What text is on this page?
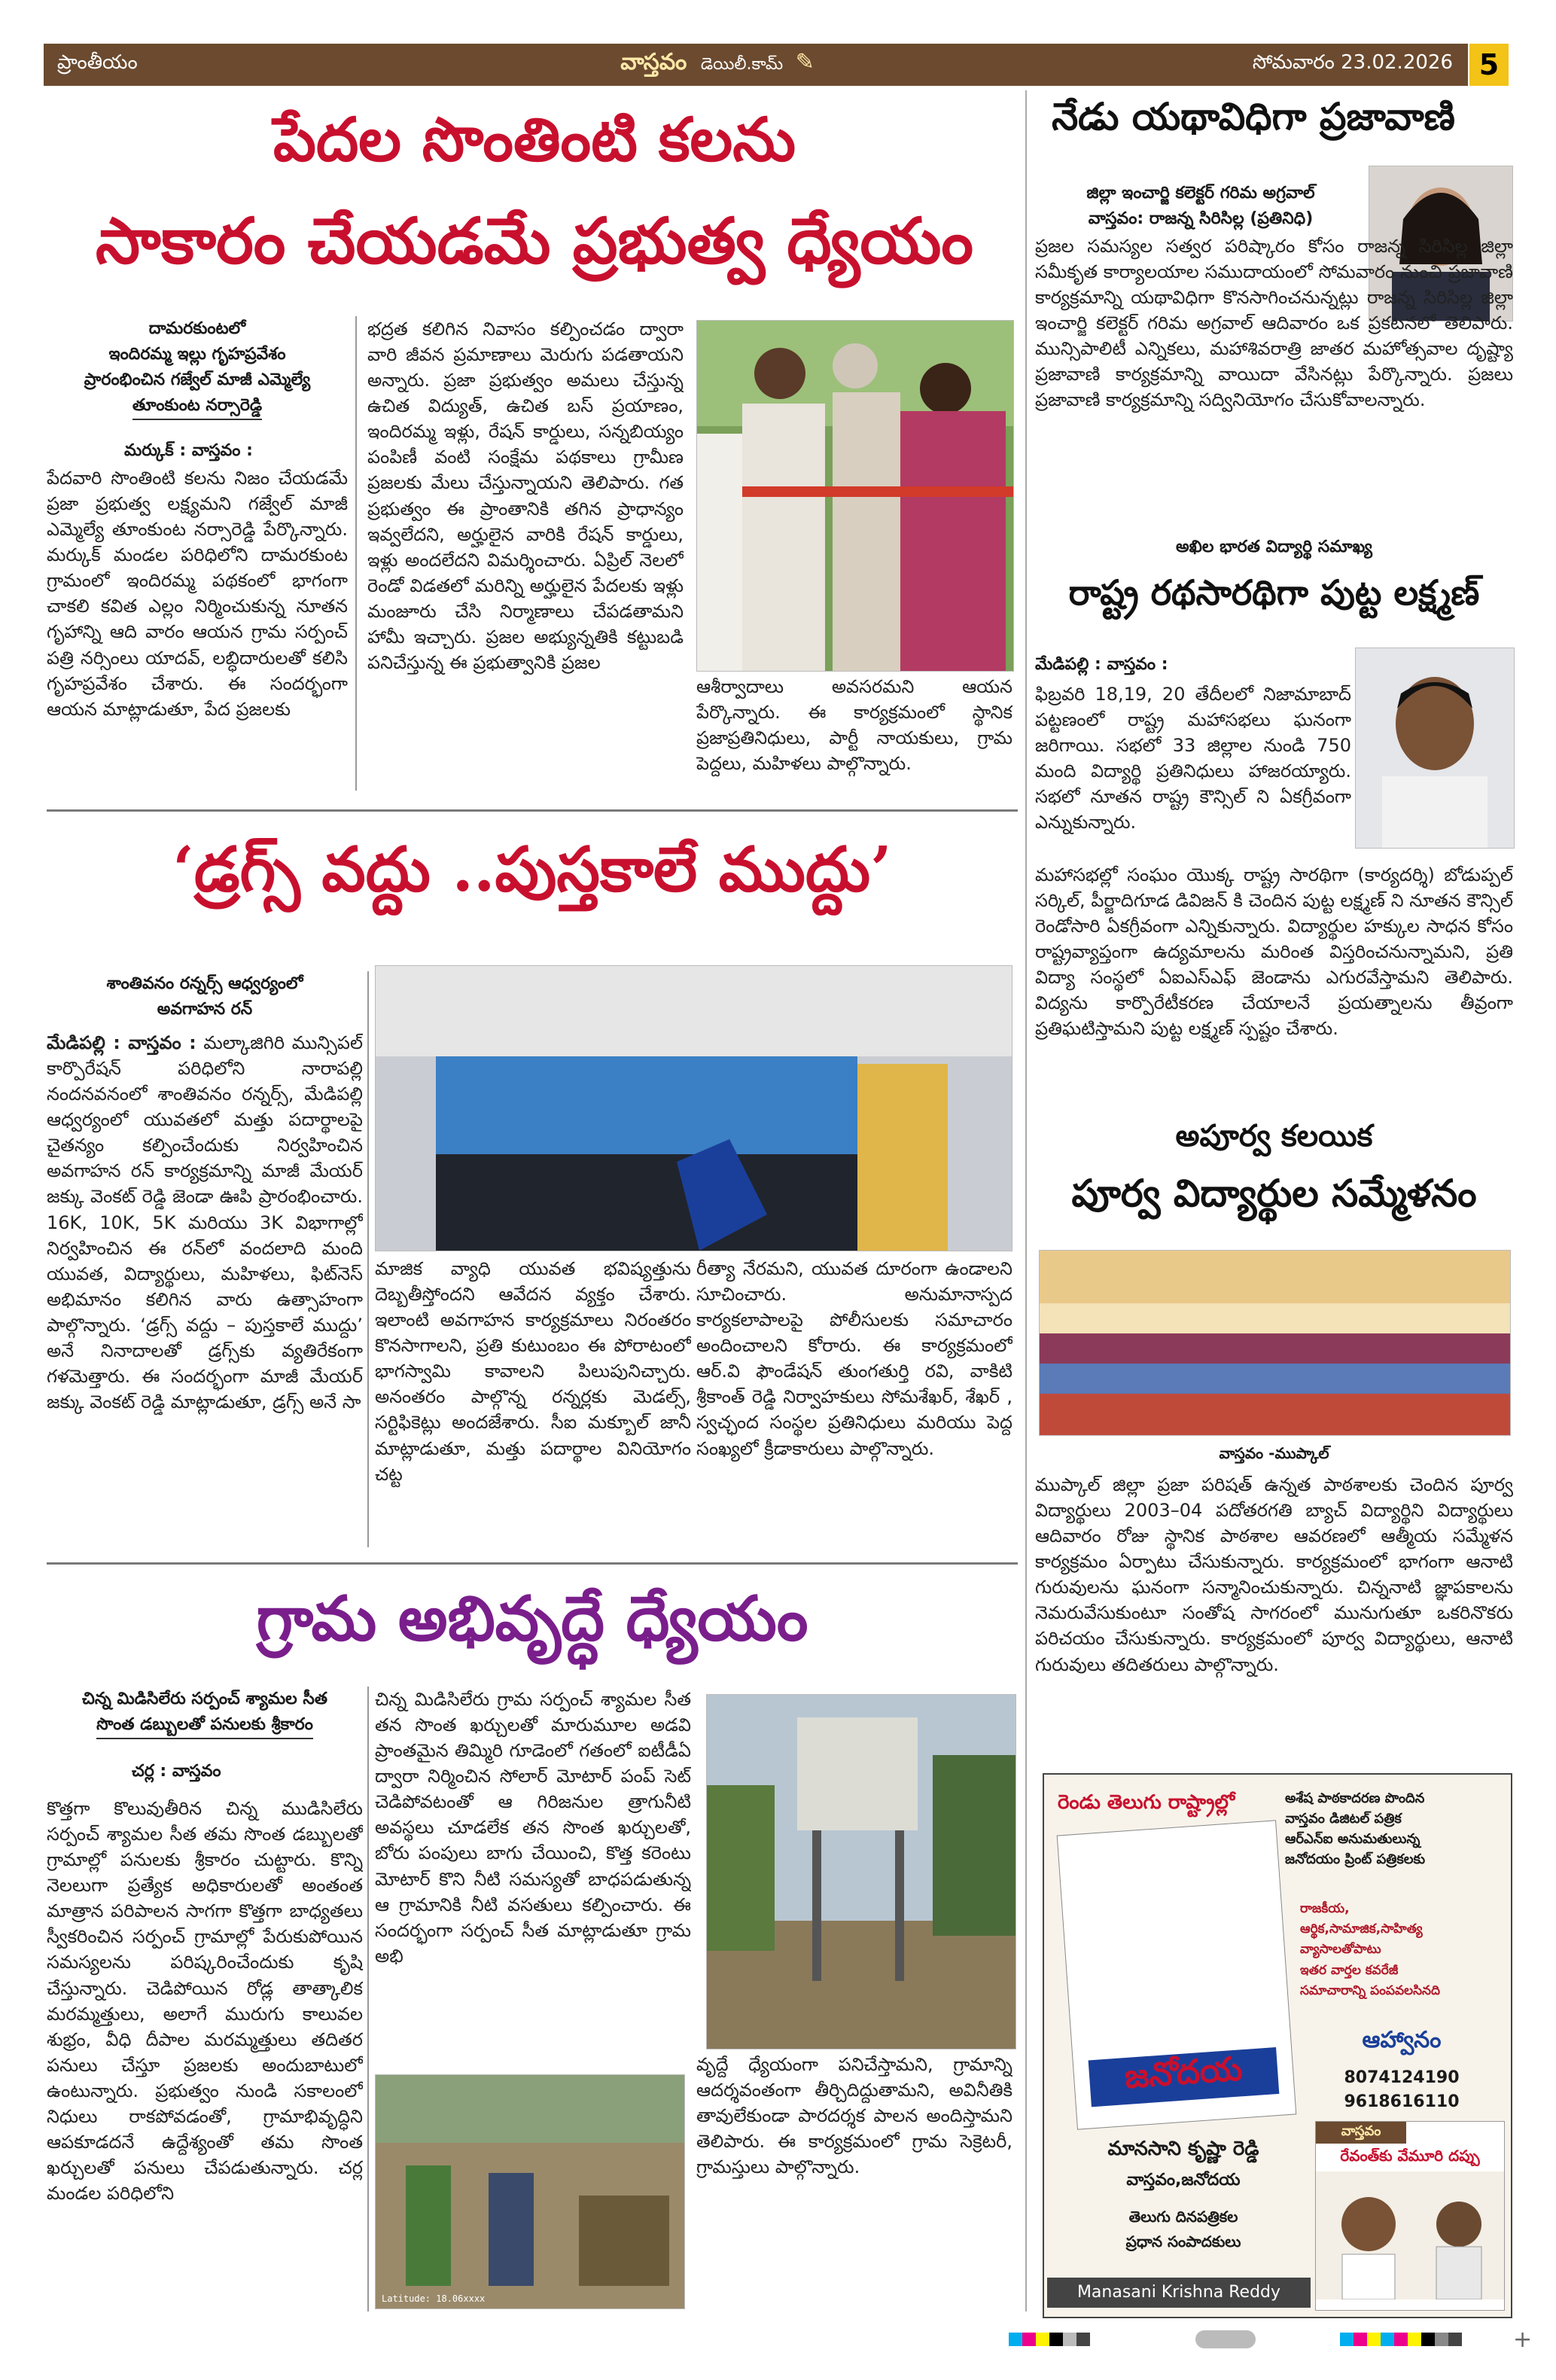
ప్రాంతీయం	వాస్తవం డెయిలీ.కామ్ ✎	సోమవారం 23.02.2026 5
పేదల సొంతింటి కలను
సాకారం చేయడమే ప్రభుత్వ ధ్యేయం
దామరకుంటలో
ఇందిరమ్మ ఇల్లు గృహప్రవేశం
ప్రారంభించిన గజ్వేల్ మాజీ ఎమ్మెల్యే
తూంకుంట నర్సారెడ్డి
మర్కుక్ : వాస్తవం :
పేదవారి సొంతింటి కలను నిజం చేయడమే ప్రజా ప్రభుత్వ లక్ష్యమని గజ్వేల్ మాజీ ఎమ్మెల్యే తూంకుంట నర్సారెడ్డి పేర్కొన్నారు. మర్కుక్ మండల పరిధిలోని దామరకుంట గ్రామంలో ఇందిరమ్మ పథకంలో భాగంగా చాకలి కవిత ఎల్లం నిర్మించుకున్న నూతన గృహాన్ని ఆది వారం ఆయన గ్రామ సర్పంచ్ పత్రి నర్సింలు యాదవ్, లబ్ధిదారులతో కలిసి గృహప్రవేశం చేశారు. ఈ సందర్భంగా ఆయన మాట్లాడుతూ, పేద ప్రజలకు
భద్రత కలిగిన నివాసం కల్పించడం ద్వారా వారి జీవన ప్రమాణాలు మెరుగు పడతాయని అన్నారు. ప్రజా ప్రభుత్వం అమలు చేస్తున్న ఉచిత విద్యుత్, ఉచిత బస్ ప్రయాణం, ఇందిరమ్మ ఇళ్లు, రేషన్ కార్డులు, సన్నబియ్యం పంపిణీ వంటి సంక్షేమ పథకాలు గ్రామీణ ప్రజలకు మేలు చేస్తున్నాయని తెలిపారు. గత ప్రభుత్వం ఈ ప్రాంతానికి తగిన ప్రాధాన్యం ఇవ్వలేదని, అర్హులైన వారికి రేషన్ కార్డులు, ఇళ్లు అందలేదని విమర్శించారు. ఏప్రిల్ నెలలో రెండో విడతలో మరిన్ని అర్హులైన పేదలకు ఇళ్లు మంజూరు చేసి నిర్మాణాలు చేపడతామని హామీ ఇచ్చారు. ప్రజల అభ్యున్నతికి కట్టుబడి పనిచేస్తున్న ఈ ప్రభుత్వానికి ప్రజల
ఆశీర్వాదాలు అవసరమని ఆయన పేర్కొన్నారు. ఈ కార్యక్రమంలో స్థానిక ప్రజాప్రతినిధులు, పార్టీ నాయకులు, గ్రామ పెద్దలు, మహిళలు పాల్గొన్నారు.
నేడు యథావిధిగా ప్రజావాణి
జిల్లా ఇంచార్జి కలెక్టర్ గరిమ అగ్రవాల్
వాస్తవం: రాజన్న సిరిసిల్ల (ప్రతినిధి)
ప్రజల సమస్యల సత్వర పరిష్కారం కోసం రాజన్న సిరిసిల్ల జిల్లా సమీకృత కార్యాలయాల సముదాయంలో సోమవారం నుంచి ప్రజావాణి కార్యక్రమాన్ని యథావిధిగా కొనసాగించనున్నట్లు రాజన్న సిరిసిల్ల జిల్లా ఇంచార్జి కలెక్టర్ గరిమ అగ్రవాల్ ఆదివారం ఒక ప్రకటనలో తెలిపారు. మున్సిపాలిటీ ఎన్నికలు, మహాశివరాత్రి జాతర మహోత్సవాల దృష్ట్యా ప్రజావాణి కార్యక్రమాన్ని వాయిదా వేసినట్లు పేర్కొన్నారు. ప్రజలు ప్రజావాణి కార్యక్రమాన్ని సద్వినియోగం చేసుకోవాలన్నారు.
అఖిల భారత విద్యార్థి సమాఖ్య
రాష్ట్ర రథసారథిగా పుట్ట లక్ష్మణ్
మేడిపల్లి : వాస్తవం :
ఫిబ్రవరి 18,19, 20 తేదీలలో నిజామాబాద్ పట్టణంలో రాష్ట్ర మహాసభలు ఘనంగా జరిగాయి. సభలో 33 జిల్లాల నుండి 750 మంది విద్యార్థి ప్రతినిధులు హాజరయ్యారు. సభలో నూతన రాష్ట్ర కౌన్సిల్ ని ఏకగ్రీవంగా ఎన్నుకున్నారు.
మహాసభల్లో సంఘం యొక్క రాష్ట్ర సారథిగా (కార్యదర్శి) బోడుప్పల్ సర్కిల్, పీర్జాదిగూడ డివిజన్ కి చెందిన పుట్ట లక్ష్మణ్ ని నూతన కౌన్సిల్ రెండోసారి ఏకగ్రీవంగా ఎన్నికున్నారు. విద్యార్థుల హక్కుల సాధన కోసం రాష్ట్రవ్యాప్తంగా ఉద్యమాలను మరింత విస్తరించనున్నామని, ప్రతి విద్యా సంస్థలో ఏఐఎస్ఎఫ్ జెండాను ఎగురవేస్తామని తెలిపారు. విద్యను కార్పొరేటీకరణ చేయాలనే ప్రయత్నాలను తీవ్రంగా ప్రతిఘటిస్తామని పుట్ట లక్ష్మణ్ స్పష్టం చేశారు.
అపూర్వ కలయిక
పూర్వ విద్యార్థుల సమ్మేళనం
వాస్తవం -ముప్కాల్
ముప్కాల్ జిల్లా ప్రజా పరిషత్ ఉన్నత పాఠశాలకు చెందిన పూర్వ విద్యార్థులు 2003–04 పదోతరగతి బ్యాచ్ విద్యార్థిని విద్యార్థులు ఆదివారం రోజు స్థానిక పాఠశాల ఆవరణలో ఆత్మీయ సమ్మేళన కార్యక్రమం ఏర్పాటు చేసుకున్నారు. కార్యక్రమంలో భాగంగా ఆనాటి గురువులను ఘనంగా సన్మానించుకున్నారు. చిన్ననాటి జ్ఞాపకాలను నెమరువేసుకుంటూ సంతోష సాగరంలో మునుగుతూ ఒకరినొకరు పరిచయం చేసుకున్నారు. కార్యక్రమంలో పూర్వ విద్యార్థులు, ఆనాటి గురువులు తదితరులు పాల్గొన్నారు.
‘డ్రగ్స్ వద్దు ..పుస్తకాలే ముద్దు’
శాంతివనం రన్నర్స్ ఆధ్వర్యంలో
అవగాహన రన్
మేడిపల్లి : వాస్తవం : మల్కాజిగిరి మున్సిపల్ కార్పొరేషన్ పరిధిలోని నారాపల్లి నందనవనంలో శాంతివనం రన్నర్స్, మేడిపల్లి ఆధ్వర్యంలో యువతలో మత్తు పదార్థాలపై చైతన్యం కల్పించేందుకు నిర్వహించిన అవగాహన రన్ కార్యక్రమాన్ని మాజీ మేయర్ జక్కు వెంకట్ రెడ్డి జెండా ఊపి ప్రారంభించారు. 16K, 10K, 5K మరియు 3K విభాగాల్లో నిర్వహించిన ఈ రన్‌లో వందలాది మంది యువత, విద్యార్థులు, మహిళలు, ఫిట్‌నెస్ అభిమానం కలిగిన వారు ఉత్సాహంగా పాల్గొన్నారు. ‘డ్రగ్స్ వద్దు – పుస్తకాలే ముద్దు’ అనే నినాదాలతో డ్రగ్స్‌కు వ్యతిరేకంగా గళమెత్తారు. ఈ సందర్భంగా మాజీ మేయర్ జక్కు వెంకట్ రెడ్డి మాట్లాడుతూ, డ్రగ్స్ అనే సా
మాజిక వ్యాధి యువత భవిష్యత్తును దెబ్బతీస్తోందని ఆవేదన వ్యక్తం చేశారు. ఇలాంటి అవగాహన కార్యక్రమాలు నిరంతరం కొనసాగాలని, ప్రతి కుటుంబం ఈ పోరాటంలో భాగస్వామి కావాలని పిలుపునిచ్చారు. అనంతరం పాల్గొన్న రన్నర్లకు మెడల్స్, సర్టిఫికెట్లు అందజేశారు. సీఐ మక్బూల్ జానీ మాట్లాడుతూ, మత్తు పదార్థాల వినియోగం చట్ట
రీత్యా నేరమని, యువత దూరంగా ఉండాలని సూచించారు. అనుమానాస్పద కార్యకలాపాలపై పోలీసులకు సమాచారం అందించాలని కోరారు. ఈ కార్యక్రమంలో ఆర్.వి ఫౌండేషన్ తుంగతుర్తి రవి, వాకిటి శ్రీకాంత్ రెడ్డి నిర్వాహకులు సోమశేఖర్, శేఖర్ , స్వచ్ఛంద సంస్థల ప్రతినిధులు మరియు పెద్ద సంఖ్యలో క్రీడాకారులు పాల్గొన్నారు.
గ్రామ అభివృద్ధే ధ్యేయం
చిన్న మిడిసిలేరు సర్పంచ్ శ్యామల సీత
సొంత డబ్బులతో పనులకు శ్రీకారం
చర్ల : వాస్తవం
కొత్తగా కొలువుతీరిన చిన్న ముడిసిలేరు సర్పంచ్ శ్యామల సీత తమ సొంత డబ్బులతో గ్రామాల్లో పనులకు శ్రీకారం చుట్టారు. కొన్ని నెలలుగా ప్రత్యేక అధికారులతో అంతంత మాత్రాన పరిపాలన సాగగా కొత్తగా బాధ్యతలు స్వీకరించిన సర్పంచ్ గ్రామాల్లో పేరుకుపోయిన సమస్యలను పరిష్కరించేందుకు కృషి చేస్తున్నారు. చెడిపోయిన రోడ్ల తాత్కాలిక మరమ్మత్తులు, అలాగే మురుగు కాలువల శుభ్రం, వీధి దీపాల మరమ్మత్తులు తదితర పనులు చేస్తూ ప్రజలకు అందుబాటులో ఉంటున్నారు. ప్రభుత్వం నుండి సకాలంలో నిధులు రాకపోవడంతో, గ్రామాభివృద్ధిని ఆపకూడదనే ఉద్దేశ్యంతో తమ సొంత ఖర్చులతో పనులు చేపడుతున్నారు. చర్ల మండల పరిధిలోని
చిన్న మిడిసిలేరు గ్రామ సర్పంచ్ శ్యామల సీత తన సొంత ఖర్చులతో మారుమూల అడవి ప్రాంతమైన తిమ్మిరి గూడెంలో గతంలో ఐటీడీఏ ద్వారా నిర్మించిన సోలార్ మోటార్ పంప్ సెట్ చెడిపోవటంతో ఆ గిరిజనుల త్రాగునీటి అవస్థలు చూడలేక తన సొంత ఖర్చులతో, బోరు పంపులు బాగు చేయించి, కొత్త కరెంటు మోటార్ కొని నీటి సమస్యతో బాధపడుతున్న ఆ గ్రామానికి నీటి వసతులు కల్పించారు. ఈ సందర్భంగా సర్పంచ్ సీత మాట్లాడుతూ గ్రామ అభి
Latitude: 18.06xxxx
వృద్దే ధ్యేయంగా పనిచేస్తామని, గ్రామాన్ని ఆదర్శవంతంగా తీర్చిదిద్దుతామని, అవినీతికి తావులేకుండా పారదర్శక పాలన అందిస్తామని తెలిపారు. ఈ కార్యక్రమంలో గ్రామ సెక్రెటరీ, గ్రామస్తులు పాల్గొన్నారు.
రెండు తెలుగు రాష్ట్రాల్లో	అశేష పాఠకాదరణ పొందిన
వాస్తవం డిజిటల్ పత్రిక
ఆర్ఎన్ఐ అనుమతులున్న
జనోదయం ప్రింట్ పత్రికలకు
రాజకీయ,
ఆర్థిక,సామాజిక,సాహిత్య
వ్యాసాలతోపాటు
ఇతర వార్తల కవరేజీ
సమాచారాన్ని పంపవలసినది
ఆహ్వానం
8074124190
9618616110
జనోదయ
మానసాని కృష్ణా రెడ్డి
వాస్తవం,జనోదయ
తెలుగు దినపత్రికల
ప్రధాన సంపాదకులు
Manasani Krishna Reddy
వాస్తవం
రేవంత్‌కు వేమూరి దప్పు
+
